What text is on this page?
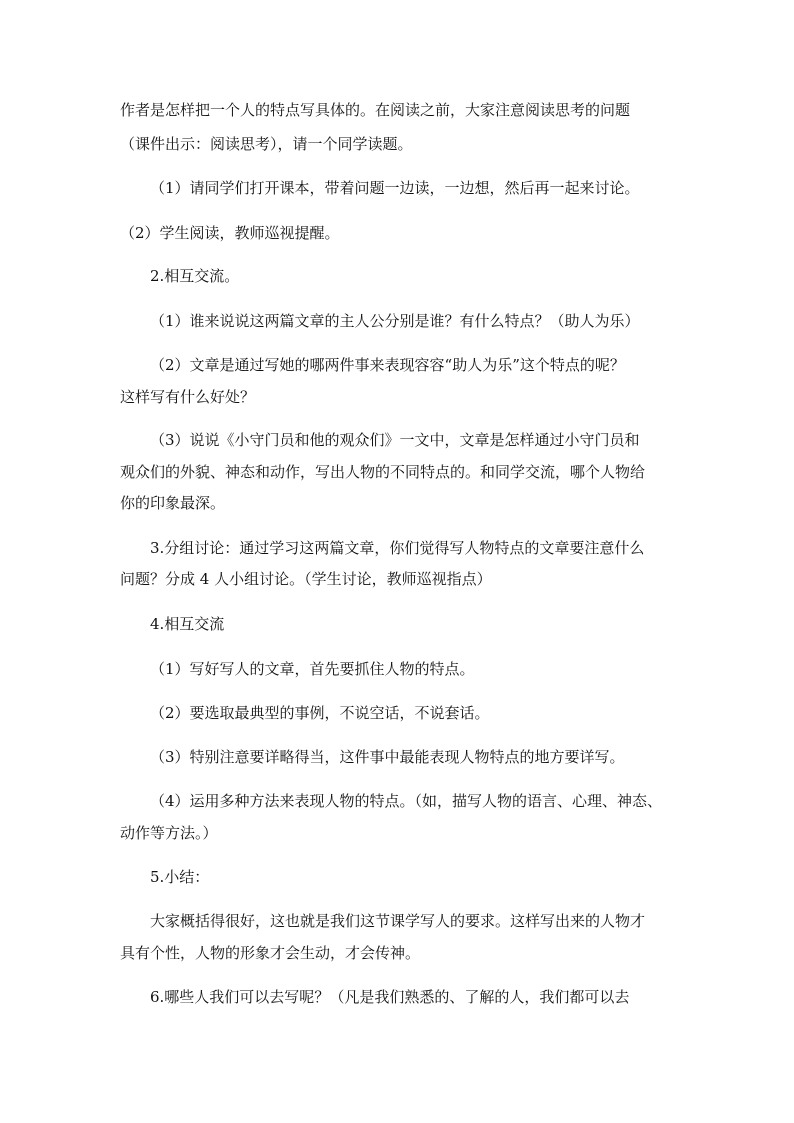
作者是怎样把一个人的特点写具体的。在阅读之前，大家注意阅读思考的问题
（课件出示：阅读思考），请一个同学读题。
（1）请同学们打开课本，带着问题一边读，一边想，然后再一起来讨论。
（2）学生阅读，教师巡视提醒。
2.相互交流。
（1）谁来说说这两篇文章的主人公分别是谁？有什么特点？（助人为乐）
（2）文章是通过写她的哪两件事来表现容容“助人为乐”这个特点的呢？
这样写有什么好处？
（3）说说《小守门员和他的观众们》一文中，文章是怎样通过小守门员和
观众们的外貌、神态和动作，写出人物的不同特点的。和同学交流，哪个人物给
你的印象最深。
3.分组讨论：通过学习这两篇文章，你们觉得写人物特点的文章要注意什么
问题？分成 4 人小组讨论。（学生讨论，教师巡视指点）
4.相互交流
（1）写好写人的文章，首先要抓住人物的特点。
（2）要选取最典型的事例，不说空话，不说套话。
（3）特别注意要详略得当，这件事中最能表现人物特点的地方要详写。
（4）运用多种方法来表现人物的特点。（如，描写人物的语言、心理、神态、
动作等方法。）
5.小结：
大家概括得很好，这也就是我们这节课学写人的要求。这样写出来的人物才
具有个性，人物的形象才会生动，才会传神。
6.哪些人我们可以去写呢？（凡是我们熟悉的、了解的人，我们都可以去
